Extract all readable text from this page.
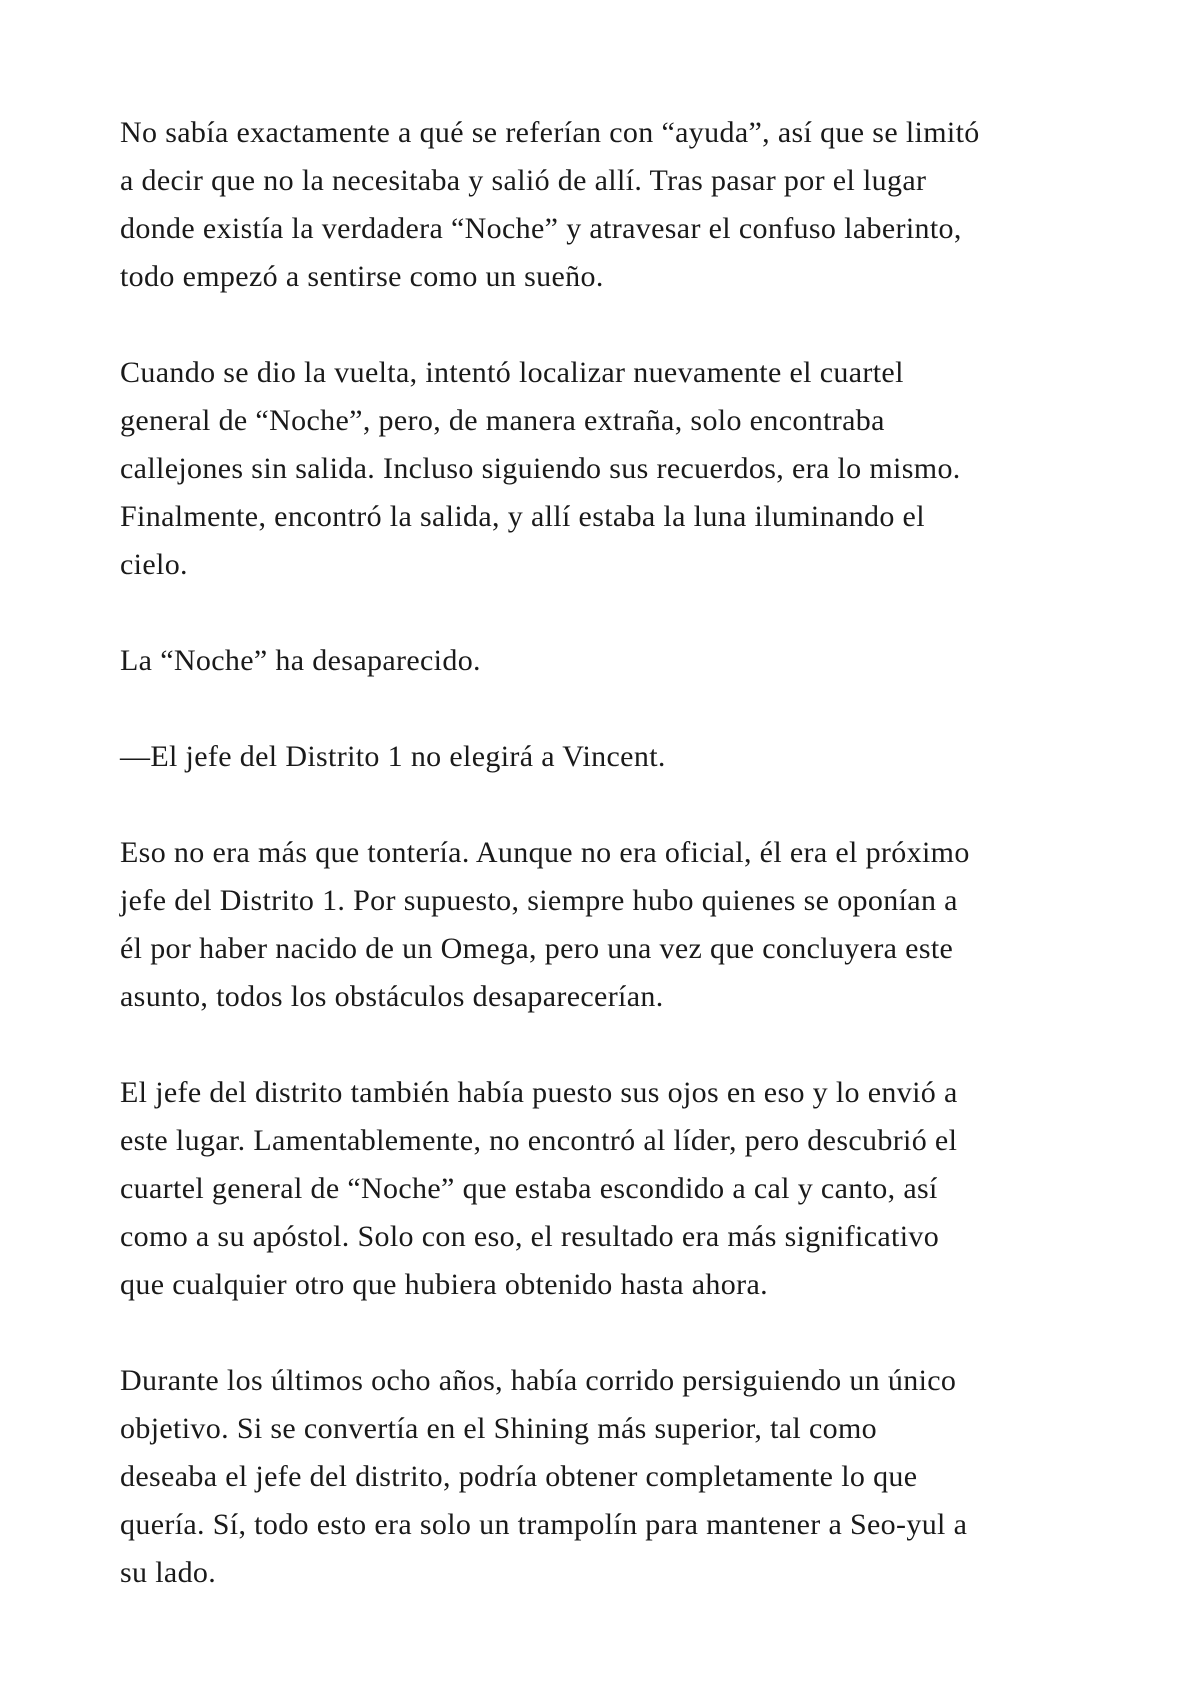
No sabía exactamente a qué se referían con “ayuda”, así que se limitó
a decir que no la necesitaba y salió de allí. Tras pasar por el lugar
donde existía la verdadera “Noche” y atravesar el confuso laberinto,
todo empezó a sentirse como un sueño.

Cuando se dio la vuelta, intentó localizar nuevamente el cuartel
general de “Noche”, pero, de manera extraña, solo encontraba
callejones sin salida. Incluso siguiendo sus recuerdos, era lo mismo.
Finalmente, encontró la salida, y allí estaba la luna iluminando el
cielo.

La “Noche” ha desaparecido.

—El jefe del Distrito 1 no elegirá a Vincent.

Eso no era más que tontería. Aunque no era oficial, él era el próximo
jefe del Distrito 1. Por supuesto, siempre hubo quienes se oponían a
él por haber nacido de un Omega, pero una vez que concluyera este
asunto, todos los obstáculos desaparecerían.

El jefe del distrito también había puesto sus ojos en eso y lo envió a
este lugar. Lamentablemente, no encontró al líder, pero descubrió el
cuartel general de “Noche” que estaba escondido a cal y canto, así
como a su apóstol. Solo con eso, el resultado era más significativo
que cualquier otro que hubiera obtenido hasta ahora.

Durante los últimos ocho años, había corrido persiguiendo un único
objetivo. Si se convertía en el Shining más superior, tal como
deseaba el jefe del distrito, podría obtener completamente lo que
quería. Sí, todo esto era solo un trampolín para mantener a Seo-yul a
su lado.
